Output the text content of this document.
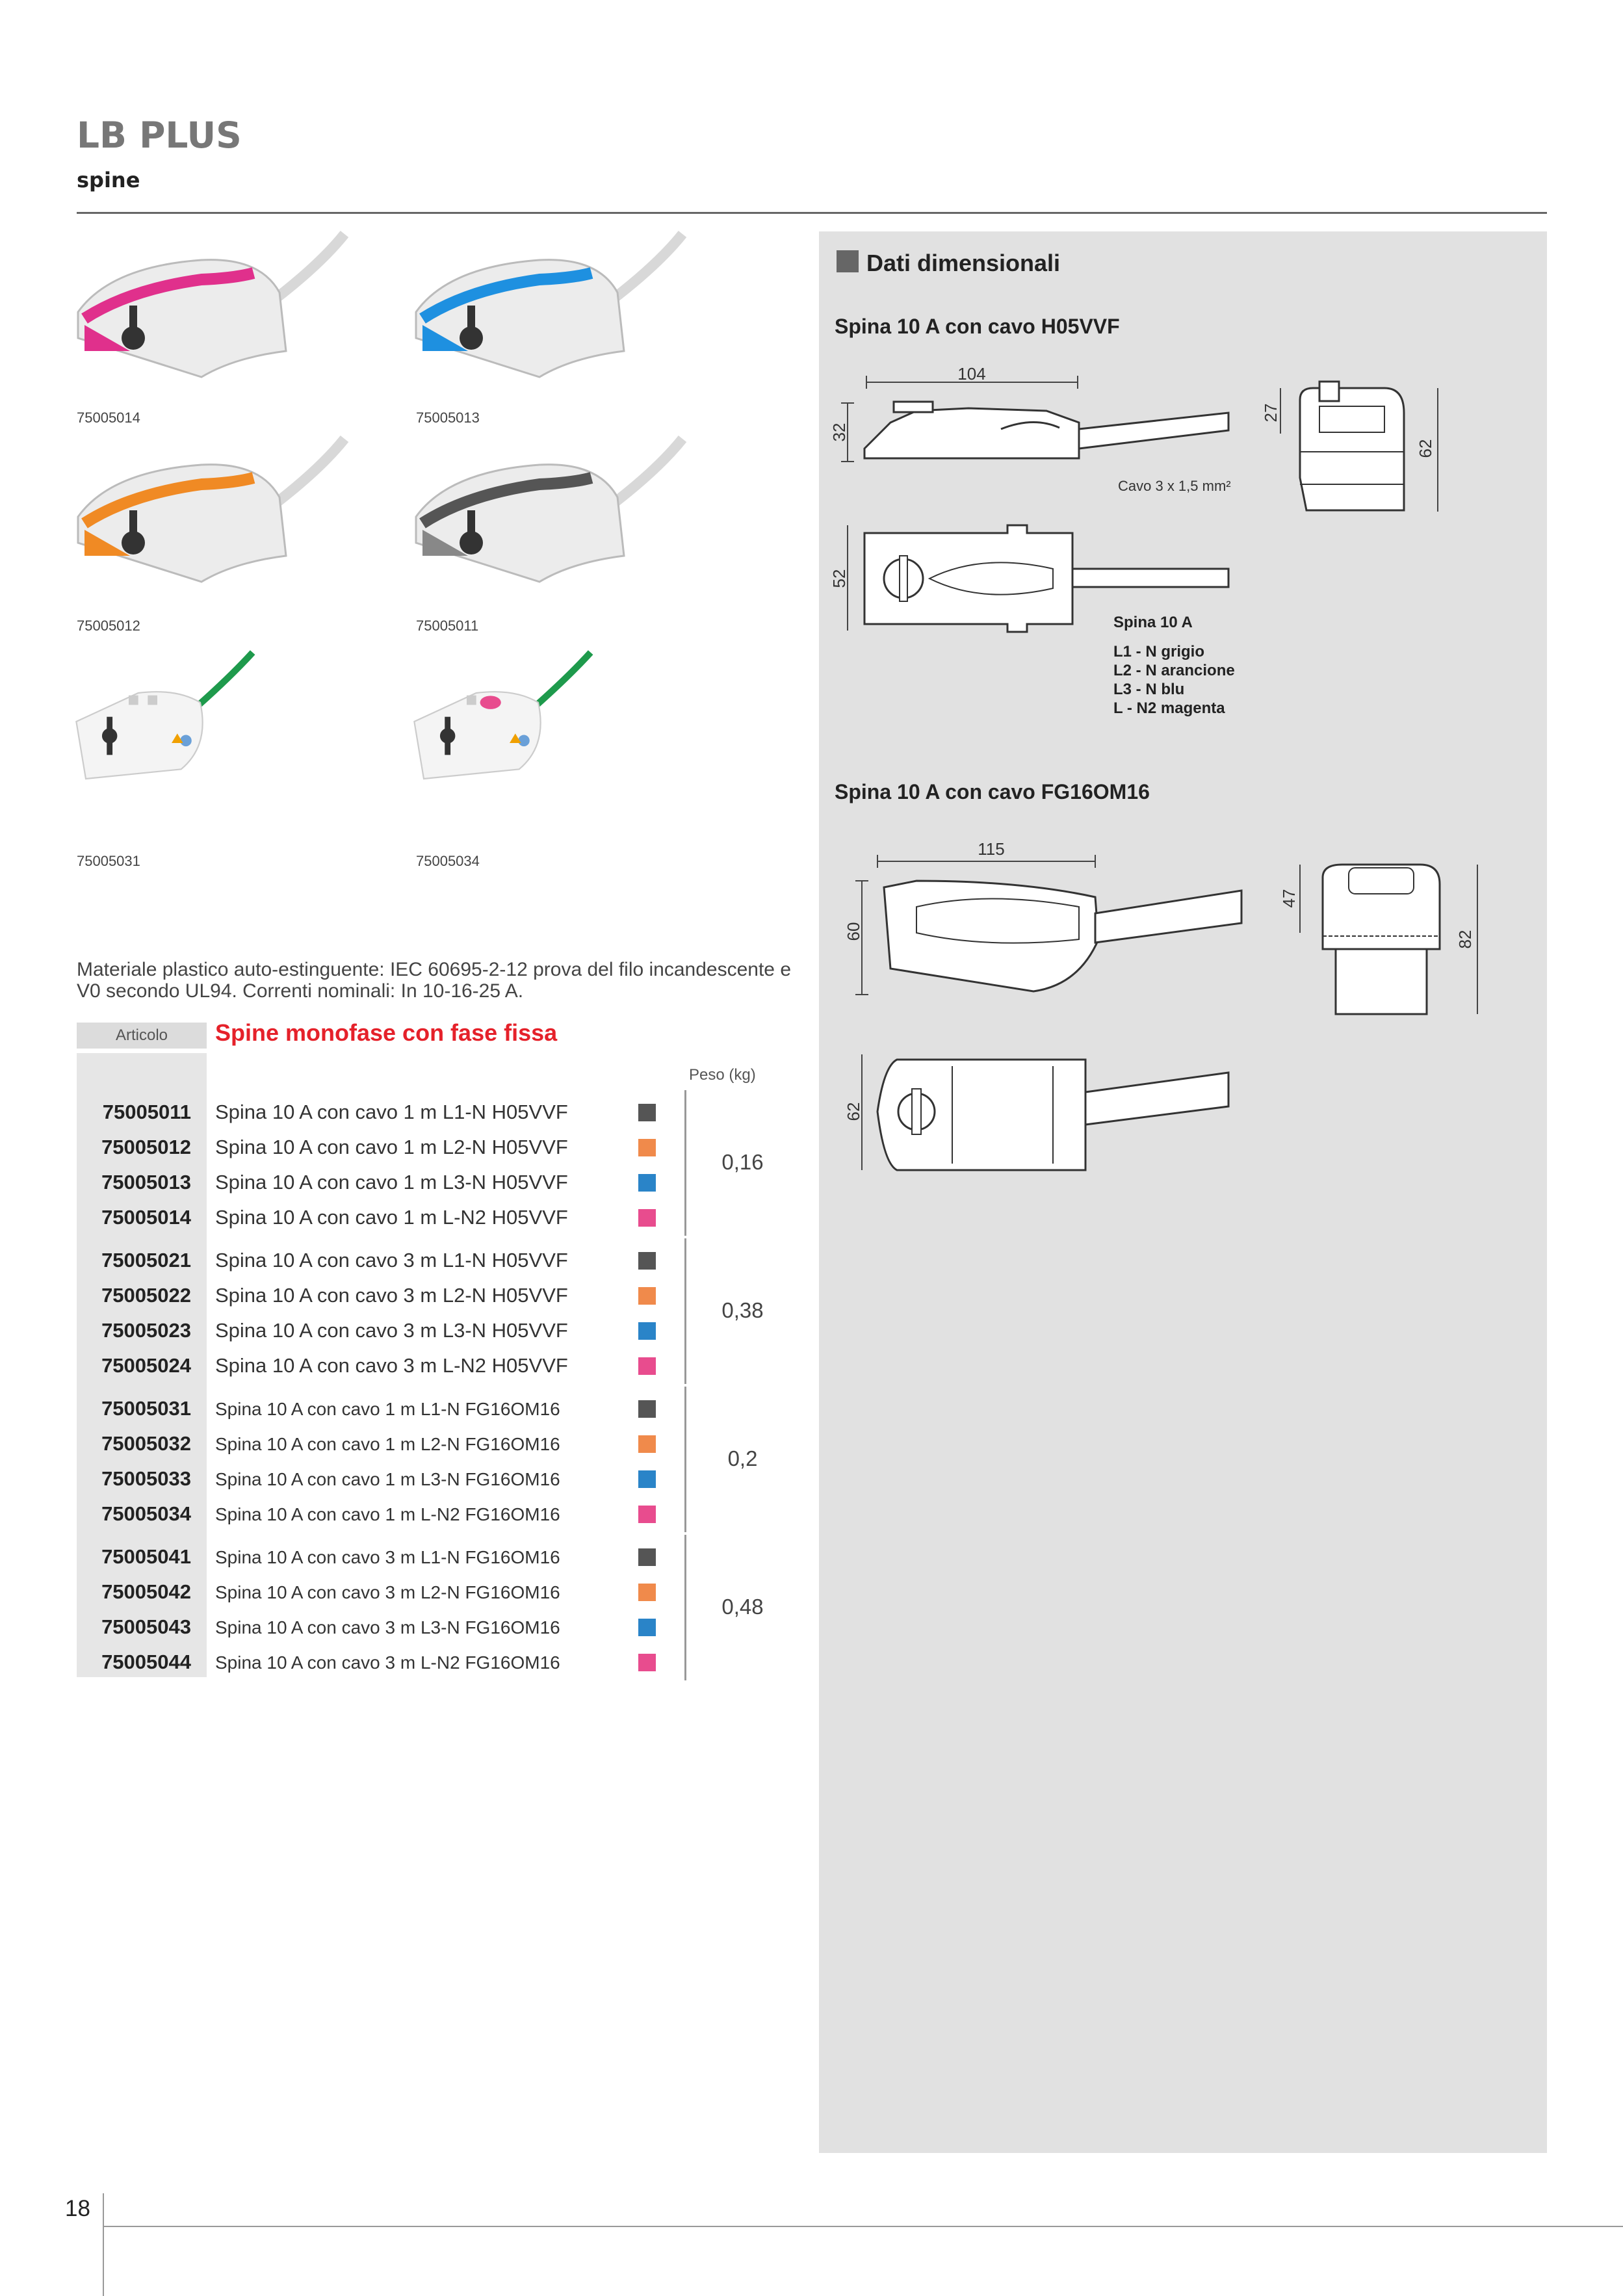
LB PLUS
spine
75005014	75005013
75005012	75005011
75005031	75005034
Materiale plastico auto-estinguente: IEC 60695-2-12 prova del filo incandescente e V0 secondo UL94. Correnti nominali: In 10-16-25 A.
Articolo	Spine monofase con fase fissa
Peso (kg)
75005011 Spina 10 A con cavo 1 m L1-N H05VVF
75005012 Spina 10 A con cavo 1 m L2-N H05VVF
75005013 Spina 10 A con cavo 1 m L3-N H05VVF
75005014 Spina 10 A con cavo 1 m L-N2 H05VVF
0,16
75005021 Spina 10 A con cavo 3 m L1-N H05VVF
75005022 Spina 10 A con cavo 3 m L2-N H05VVF
75005023 Spina 10 A con cavo 3 m L3-N H05VVF
75005024 Spina 10 A con cavo 3 m L-N2 H05VVF
0,38
75005031 Spina 10 A con cavo 1 m L1-N FG16OM16
75005032 Spina 10 A con cavo 1 m L2-N FG16OM16
75005033 Spina 10 A con cavo 1 m L3-N FG16OM16
75005034 Spina 10 A con cavo 1 m L-N2 FG16OM16
0,2
75005041 Spina 10 A con cavo 3 m L1-N FG16OM16
75005042 Spina 10 A con cavo 3 m L2-N FG16OM16
75005043 Spina 10 A con cavo 3 m L3-N FG16OM16
75005044 Spina 10 A con cavo 3 m L-N2 FG16OM16
0,48
Dati dimensionali
Spina 10 A con cavo H05VVF
104
32
Cavo 3 x 1,5 mm²
27
62
52
Spina 10 A
L1 - N grigio
L2 - N arancione
L3 - N blu
L - N2 magenta
Spina 10 A con cavo FG16OM16
115
60
47
82
62
18
